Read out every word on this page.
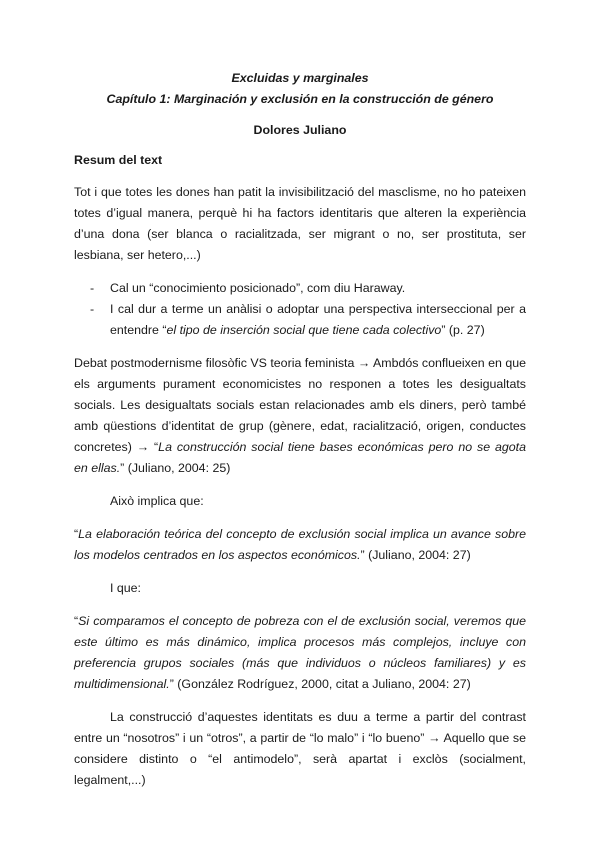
Excluidas y marginales
Capítulo 1: Marginación y exclusión en la construcción de género
Dolores Juliano
Resum del text

Tot i que totes les dones han patit la invisibilització del masclisme, no ho pateixen totes d’igual manera, perquè hi ha factors identitaris que alteren la experiència d’una dona (ser blanca o racialitzada, ser migrant o no, ser prostituta, ser lesbiana, ser hetero,...)

- Cal un “conocimiento posicionado”, com diu Haraway.
- I cal dur a terme un anàlisi o adoptar una perspectiva interseccional per a entendre “el tipo de inserción social que tiene cada colectivo” (p. 27)

Debat postmodernisme filosòfic VS teoria feminista → Ambdós conflueixen en que els arguments purament economicistes no responen a totes les desigualtats socials. Les desigualtats socials estan relacionades amb els diners, però també amb qüestions d’identitat de grup (gènere, edat, racialització, origen, conductes concretes) → “La construcción social tiene bases económicas pero no se agota en ellas.” (Juliano, 2004: 25)

Això implica que:

“La elaboración teórica del concepto de exclusión social implica un avance sobre los modelos centrados en los aspectos económicos.” (Juliano, 2004: 27)

I que:

“Si comparamos el concepto de pobreza con el de exclusión social, veremos que este último es más dinámico, implica procesos más complejos, incluye con preferencia grupos sociales (más que individuos o núcleos familiares) y es multidimensional.” (González Rodríguez, 2000, citat a Juliano, 2004: 27)

La construcció d’aquestes identitats es duu a terme a partir del contrast entre un “nosotros” i un “otros”, a partir de “lo malo” i “lo bueno” → Aquello que se considere distinto o “el antimodelo”, serà apartat i exclòs (socialment, legalment,...)
